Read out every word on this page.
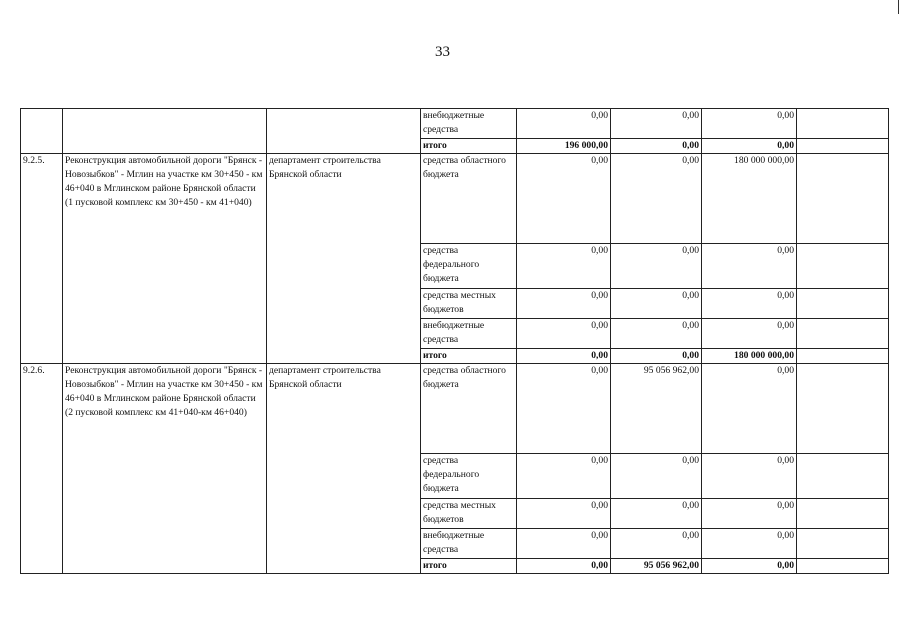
33
			внебюджетные средства	0,00	0,00	0,00	
			итого	196 000,00	0,00	0,00	
9.2.5.	Реконструкция автомобильной дороги "Брянск - Новозыбков" - Мглин на участке км 30+450 - км 46+040 в Мглинском районе Брянской области (1 пусковой комплекс км 30+450 - км 41+040)	департамент строительства Брянской области	средства областного бюджета	0,00	0,00	180 000 000,00	
			средства федерального бюджета	0,00	0,00	0,00	
			средства местных бюджетов	0,00	0,00	0,00	
			внебюджетные средства	0,00	0,00	0,00	
			итого	0,00	0,00	180 000 000,00	
9.2.6.	Реконструкция автомобильной дороги "Брянск - Новозыбков" - Мглин на участке км 30+450 - км 46+040 в Мглинском районе Брянской области (2 пусковой комплекс км 41+040-км 46+040)	департамент строительства Брянской области	средства областного бюджета	0,00	95 056 962,00	0,00	
			средства федерального бюджета	0,00	0,00	0,00	
			средства местных бюджетов	0,00	0,00	0,00	
			внебюджетные средства	0,00	0,00	0,00	
			итого	0,00	95 056 962,00	0,00	
